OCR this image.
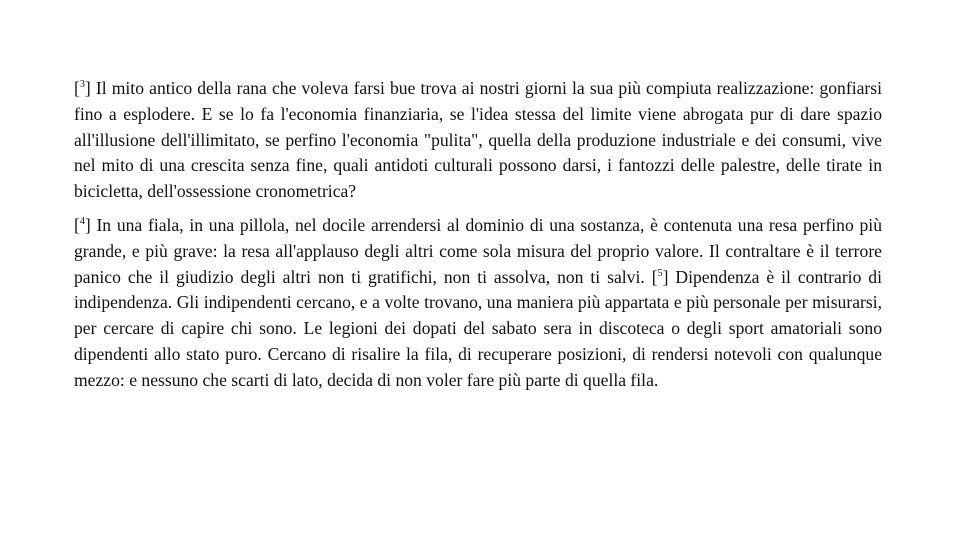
[$^3$] Il mito antico della rana che voleva farsi bue trova ai nostri giorni la sua più compiuta realizzazione: gonfiarsi fino a esplodere. E se lo fa l'economia finanziaria, se l'idea stessa del limite viene abrogata pur di dare spazio all'illusione dell'illimitato, se perfino l'economia "pulita", quella della produzione industriale e dei consumi, vive nel mito di una crescita senza fine, quali antidoti culturali possono darsi, i fantozzi delle palestre, delle tirate in bicicletta, dell'ossessione cronometrica?

[$^4$] In una fiala, in una pillola, nel docile arrendersi al dominio di una sostanza, è contenuta una resa perfino più grande, e più grave: la resa all'applauso degli altri come sola misura del proprio valore. Il contraltare è il terrore panico che il giudizio degli altri non ti gratifichi, non ti assolva, non ti salvi. [$^5$] Dipendenza è il contrario di indipendenza. Gli indipendenti cercano, e a volte trovano, una maniera più appartata e più personale per misurarsi, per cercare di capire chi sono. Le legioni dei dopati del sabato sera in discoteca o degli sport amatoriali sono dipendenti allo stato puro. Cercano di risalire la fila, di recuperare posizioni, di rendersi notevoli con qualunque mezzo: e nessuno che scarti di lato, decida di non voler fare più parte di quella fila.
